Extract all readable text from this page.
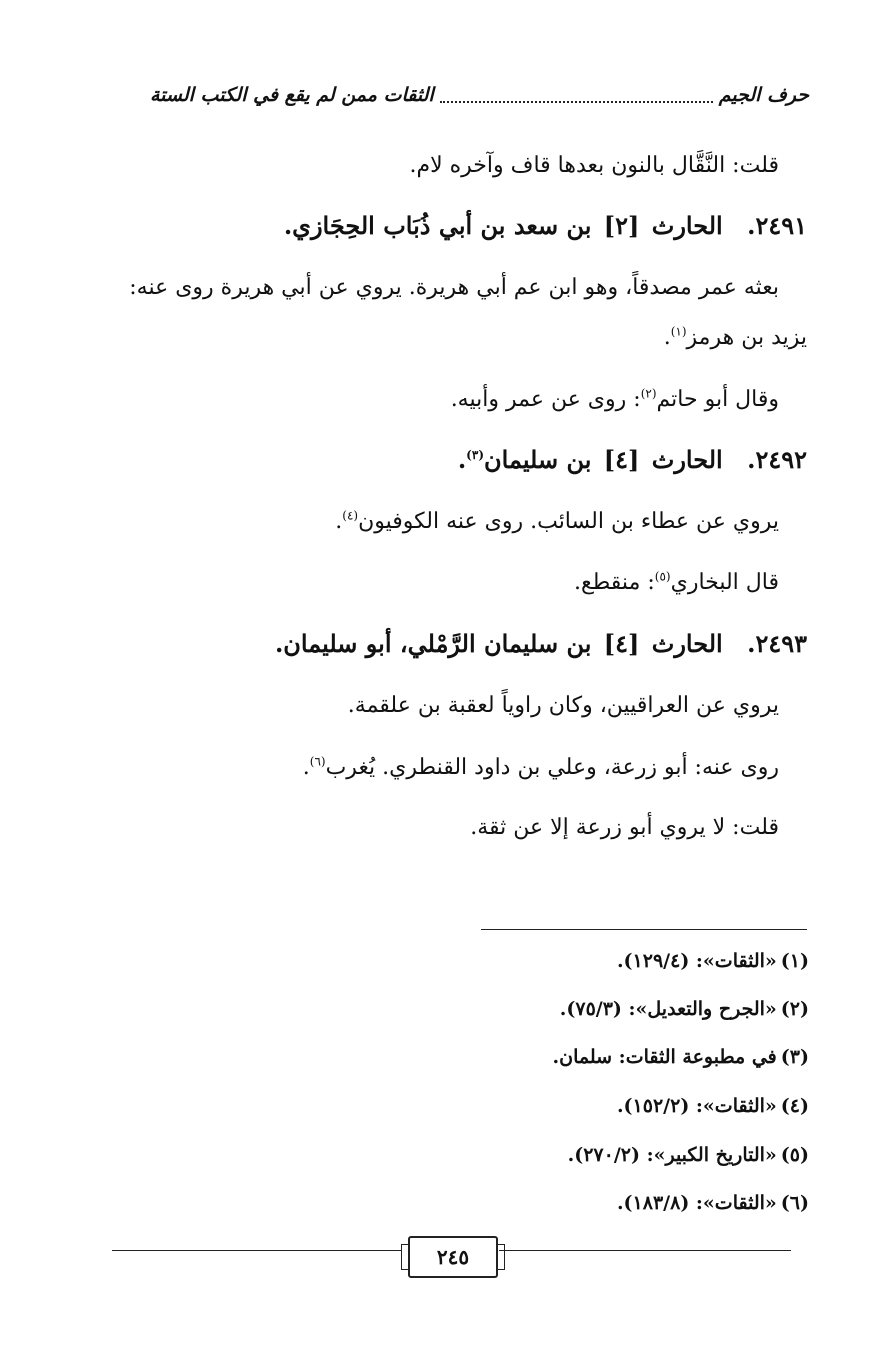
حرف الجيم
الثقات ممن لم يقع في الكتب الستة
قلت: النَّقَّال بالنون بعدها قاف وآخره لام.
٢٤٩١. الحارث [٢] بن سعد بن أبي ذُبَاب الحِجَازي.
بعثه عمر مصدقاً، وهو ابن عم أبي هريرة. يروي عن أبي هريرة روى عنه:
يزيد بن هرمز$^{(١)}$.
وقال أبو حاتم$^{(٢)}$: روى عن عمر وأبيه.
٢٤٩٢. الحارث [٤] بن سليمان$^{(٣)}$.
يروي عن عطاء بن السائب. روى عنه الكوفيون$^{(٤)}$.
قال البخاري$^{(٥)}$: منقطع.
٢٤٩٣. الحارث [٤] بن سليمان الرَّمْلي، أبو سليمان.
يروي عن العراقيين، وكان راوياً لعقبة بن علقمة.
روى عنه: أبو زرعة، وعلي بن داود القنطري. يُغرب$^{(٦)}$.
قلت: لا يروي أبو زرعة إلا عن ثقة.
(١)«الثقات»: (١٢٩/٤).
(٢)«الجرح والتعديل»: (٧٥/٣).
(٣)في مطبوعة الثقات: سلمان.
(٤)«الثقات»: (١٥٢/٢).
(٥)«التاريخ الكبير»: (٢٧٠/٢).
(٦)«الثقات»: (١٨٣/٨).
٢٤٥
